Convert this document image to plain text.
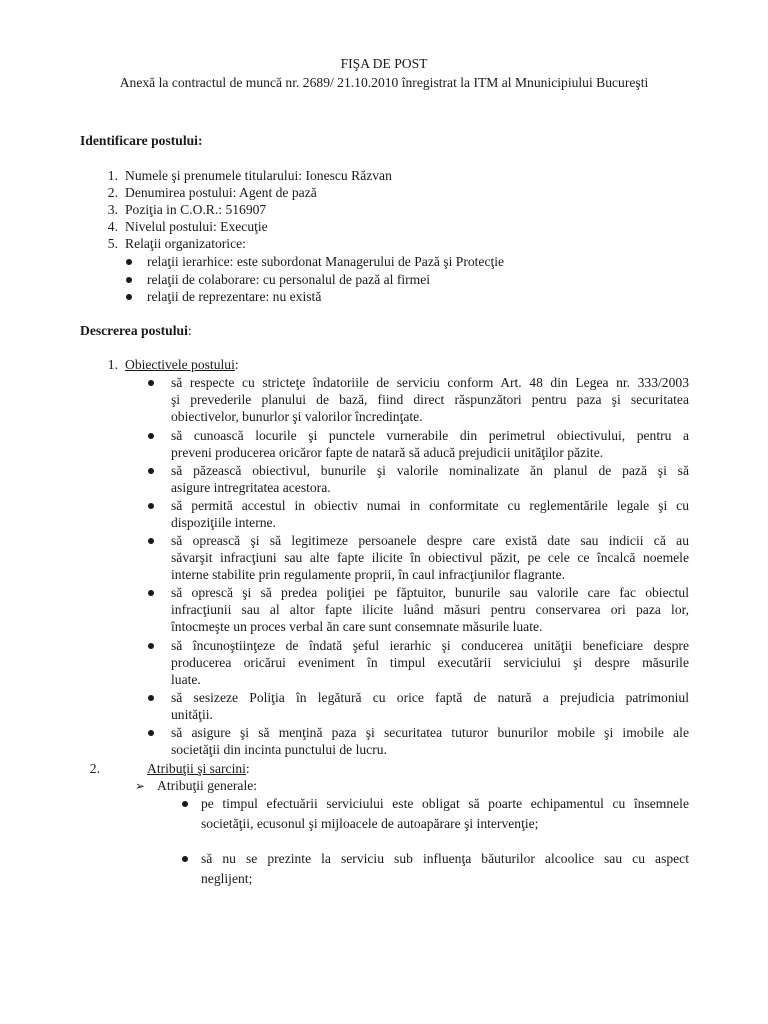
FIŞA DE POST
Anexă la contractul de muncă nr. 2689/ 21.10.2010 înregistrat la ITM al Mnunicipiului Bucureşti
Identificare postului:
1. Numele şi prenumele titularului: Ionescu Răzvan
2. Denumirea postului: Agent de pază
3. Poziţia in C.O.R.: 516907
4. Nivelul postului: Execuţie
5. Relaţii organizatorice:
relaţii ierarhice: este subordonat Managerului de Pază şi Protecţie
relaţii de colaborare: cu personalul de pază al firmei
relaţii de reprezentare: nu există
Descrerea postului:
1. Obiectivele postului:
să respecte cu stricteţe îndatoriile de serviciu conform Art. 48 din Legea nr. 333/2003
şi prevederile planului de bază, fiind direct răspunzători pentru paza şi securitatea
obiectivelor, bunurlor şi valorilor încredinţate.
să cunoască locurile şi punctele vurnerabile din perimetrul obiectivului, pentru a
preveni producerea oricăror fapte de natară să aducă prejudicii unităţilor păzite.
să păzească obiectivul, bunurile şi valorile nominalizate ăn planul de pază şi să
asigure intregritatea acestora.
să permită accestul in obiectiv numai in conformitate cu reglementările legale şi cu
dispoziţiile interne.
să oprească şi să legitimeze persoanele despre care există date sau indicii că au
săvarşit infracţiuni sau alte fapte ilicite în obiectivul păzit, pe cele ce încalcă noemele
interne stabilite prin regulamente proprii, în caul infracţiunilor flagrante.
să oprescă şi să predea poliţiei pe făptuitor, bunurile sau valorile care fac obiectul
infracţiunii sau al altor fapte ilicite luând măsuri pentru conservarea ori paza lor,
întocmeşte un proces verbal ăn care sunt consemnate măsurile luate.
să încunoştiinţeze de îndată şeful ierarhic şi conducerea unităţii beneficiare despre
producerea oricărui eveniment în timpul executării serviciului şi despre măsurile
luate.
să sesizeze Poliţia în legătură cu orice faptă de natură a prejudicia patrimoniul
unităţii.
să asigure şi să menţină paza şi securitatea tuturor bunurilor mobile şi imobile ale
societăţii din incinta punctului de lucru.
2.	Atribuţii şi sarcini:
➢ Atribuţii generale:
pe timpul efectuării serviciului este obligat să poarte echipamentul cu însemnele
societăţii, ecusonul şi mijloacele de autoapărare şi intervenţie;
să nu se prezinte la serviciu sub influenţa băuturilor alcoolice sau cu aspect
neglijent;
